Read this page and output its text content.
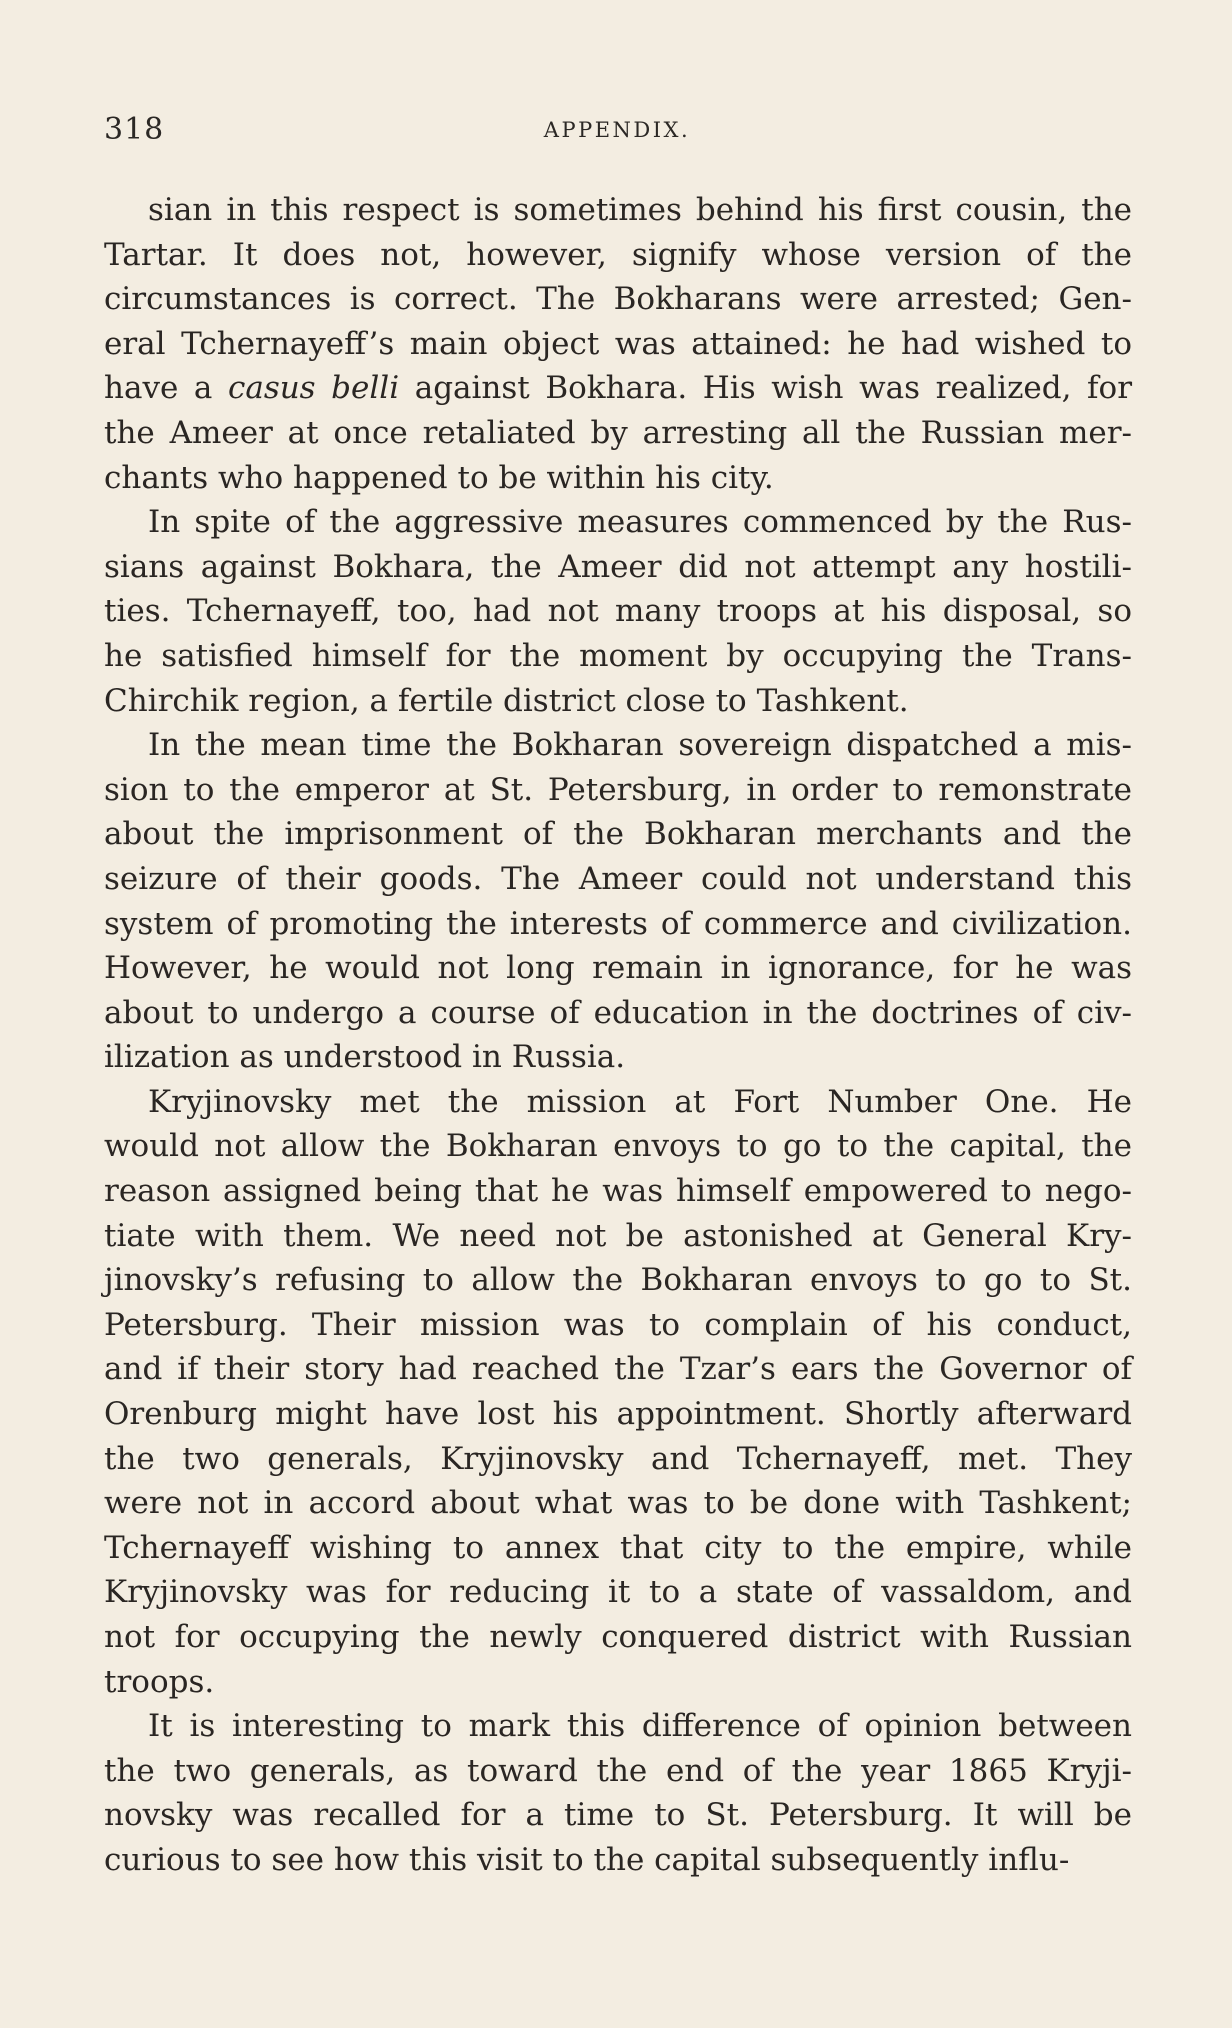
318	APPENDIX.

sian in this respect is sometimes behind his first cousin, the
Tartar. It does not, however, signify whose version of the
circumstances is correct. The Bokharans were arrested; Gen-
eral Tchernayeff’s main object was attained: he had wished to
have a casus belli against Bokhara. His wish was realized, for
the Ameer at once retaliated by arresting all the Russian mer-
chants who happened to be within his city.

In spite of the aggressive measures commenced by the Rus-
sians against Bokhara, the Ameer did not attempt any hostili-
ties. Tchernayeff, too, had not many troops at his disposal, so
he satisfied himself for the moment by occupying the Trans-
Chirchik region, a fertile district close to Tashkent.

In the mean time the Bokharan sovereign dispatched a mis-
sion to the emperor at St. Petersburg, in order to remonstrate
about the imprisonment of the Bokharan merchants and the
seizure of their goods. The Ameer could not understand this
system of promoting the interests of commerce and civilization.
However, he would not long remain in ignorance, for he was
about to undergo a course of education in the doctrines of civ-
ilization as understood in Russia.

Kryjinovsky met the mission at Fort Number One. He
would not allow the Bokharan envoys to go to the capital, the
reason assigned being that he was himself empowered to nego-
tiate with them. We need not be astonished at General Kry-
jinovsky’s refusing to allow the Bokharan envoys to go to St.
Petersburg. Their mission was to complain of his conduct,
and if their story had reached the Tzar’s ears the Governor of
Orenburg might have lost his appointment. Shortly afterward
the two generals, Kryjinovsky and Tchernayeff, met. They
were not in accord about what was to be done with Tashkent;
Tchernayeff wishing to annex that city to the empire, while
Kryjinovsky was for reducing it to a state of vassaldom, and
not for occupying the newly conquered district with Russian
troops.

It is interesting to mark this difference of opinion between
the two generals, as toward the end of the year 1865 Kryji-
novsky was recalled for a time to St. Petersburg. It will be
curious to see how this visit to the capital subsequently influ-
